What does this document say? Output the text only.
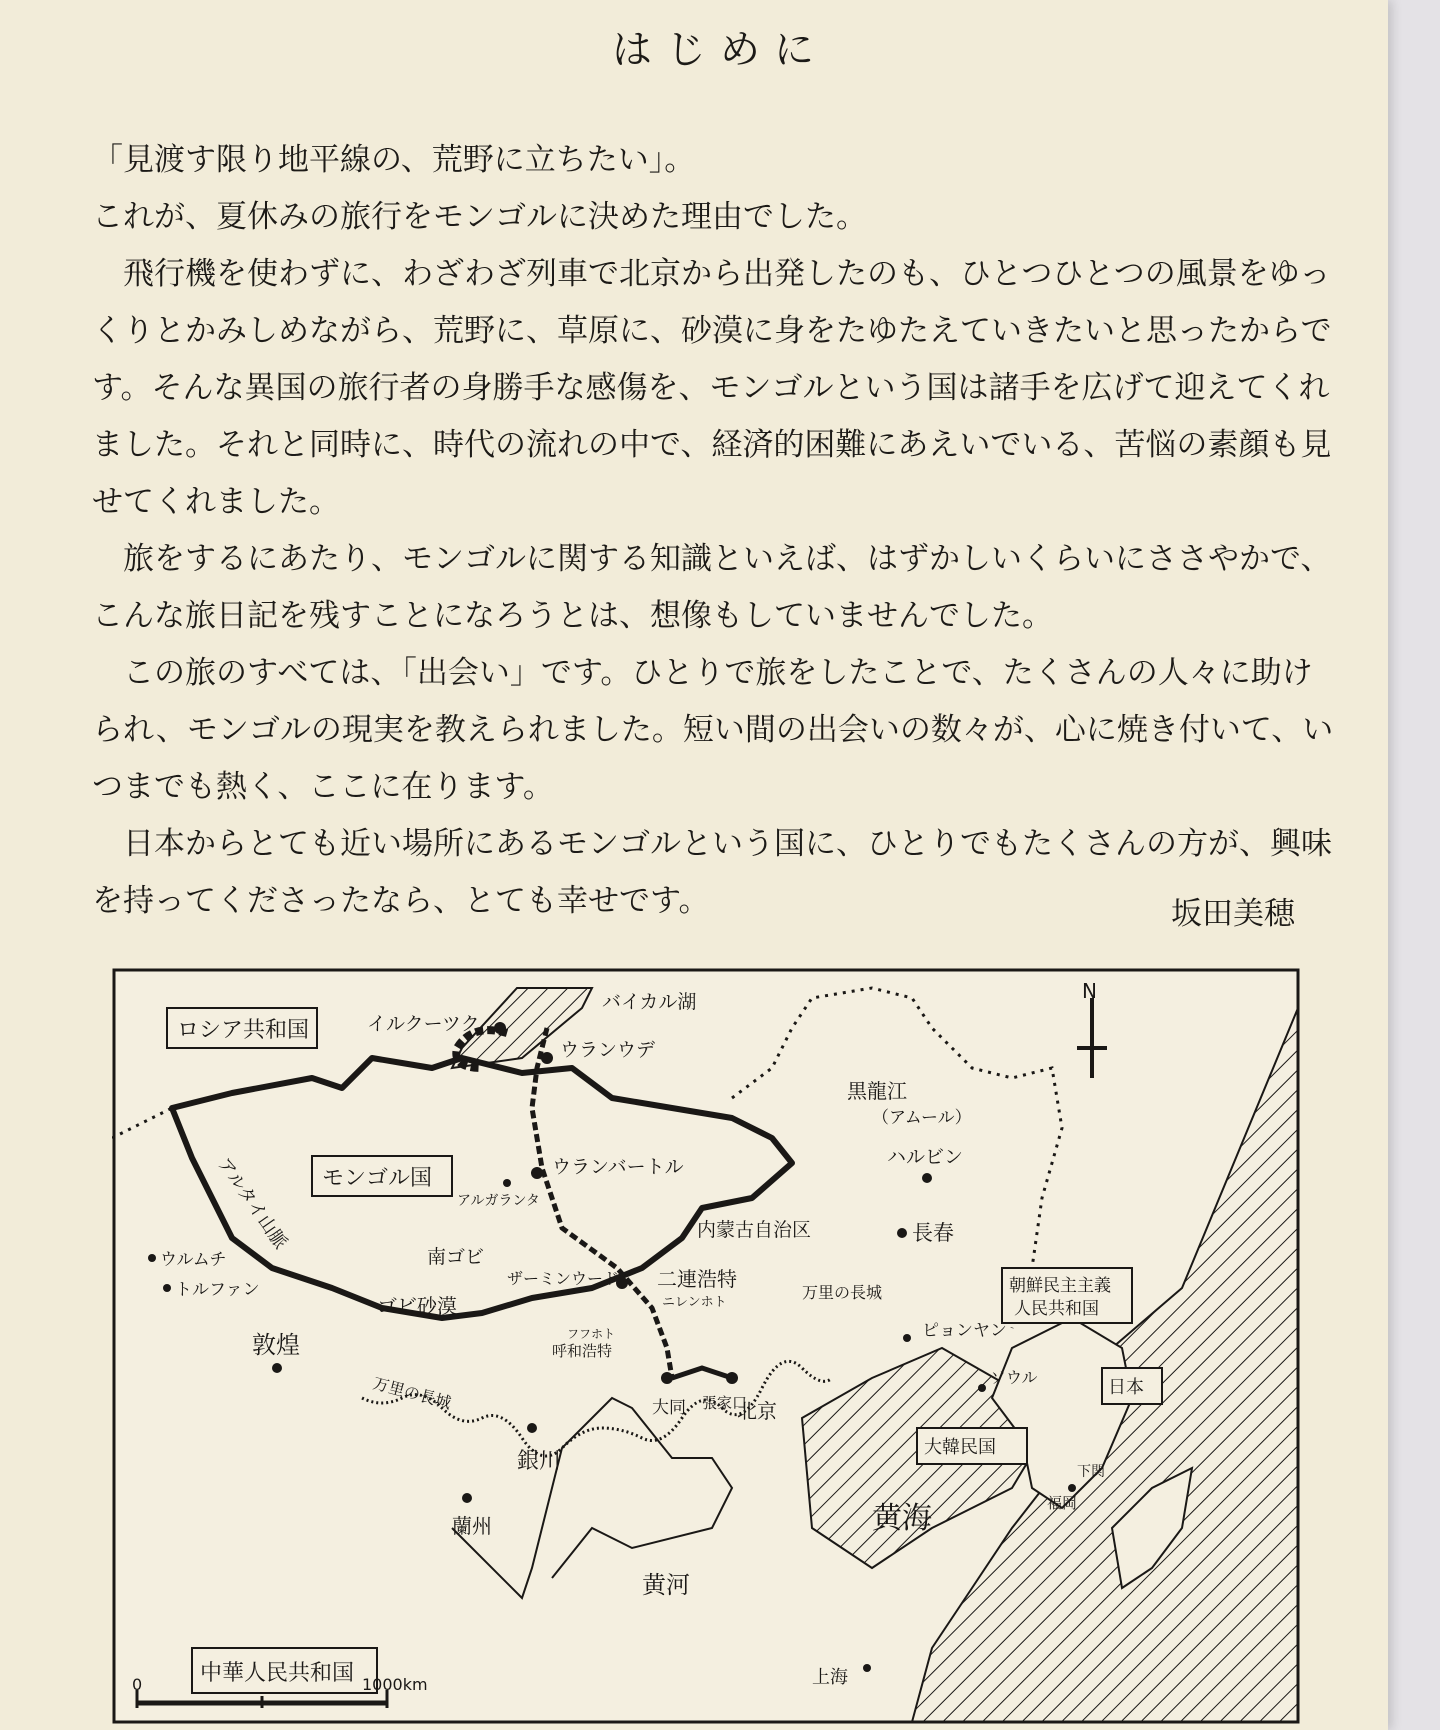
はじめに

「見渡す限り地平線の、荒野に立ちたい」。

これが、夏休みの旅行をモンゴルに決めた理由でした。

　飛行機を使わずに、わざわざ列車で北京から出発したのも、ひとつひとつの風景をゆっくりとかみしめながら、荒野に、草原に、砂漠に身をたゆたえていきたいと思ったからです。そんな異国の旅行者の身勝手な感傷を、モンゴルという国は諸手を広げて迎えてくれました。それと同時に、時代の流れの中で、経済的困難にあえいでいる、苦悩の素顔も見せてくれました。

　旅をするにあたり、モンゴルに関する知識といえば、はずかしいくらいにささやかで、こんな旅日記を残すことになろうとは、想像もしていませんでした。

　この旅のすべては、「出会い」です。ひとりで旅をしたことで、たくさんの人々に助けられ、モンゴルの現実を教えられました。短い間の出会いの数々が、心に焼き付いて、いつまでも熱く、ここに在ります。

　日本からとても近い場所にあるモンゴルという国に、ひとりでもたくさんの方が、興味を持ってくださったなら、とても幸せです。	坂田美穂
ロシア共和国
モンゴル国
中華人民共和国
朝鮮民主主義
人民共和国
大韓民国
日本
イルクーツク
バイカル湖
ウランウデ
黒龍江
（アムール）
ハルビン
長春
ウランバートル
アルガランタ
アルタイ山脈
南ゴビ
ゴビ砂漠
ウルムチ
トルファン
敦煌
ザーミンウード 二連浩特
ニレンホト
内蒙古自治区
万里の長城
万里の長城
フフホト
呼和浩特
大同 張家口
北京
ピョンヤン
ソウル
銀川
蘭州
黄河
黄海
上海
下関
福岡
N
0	1000km
